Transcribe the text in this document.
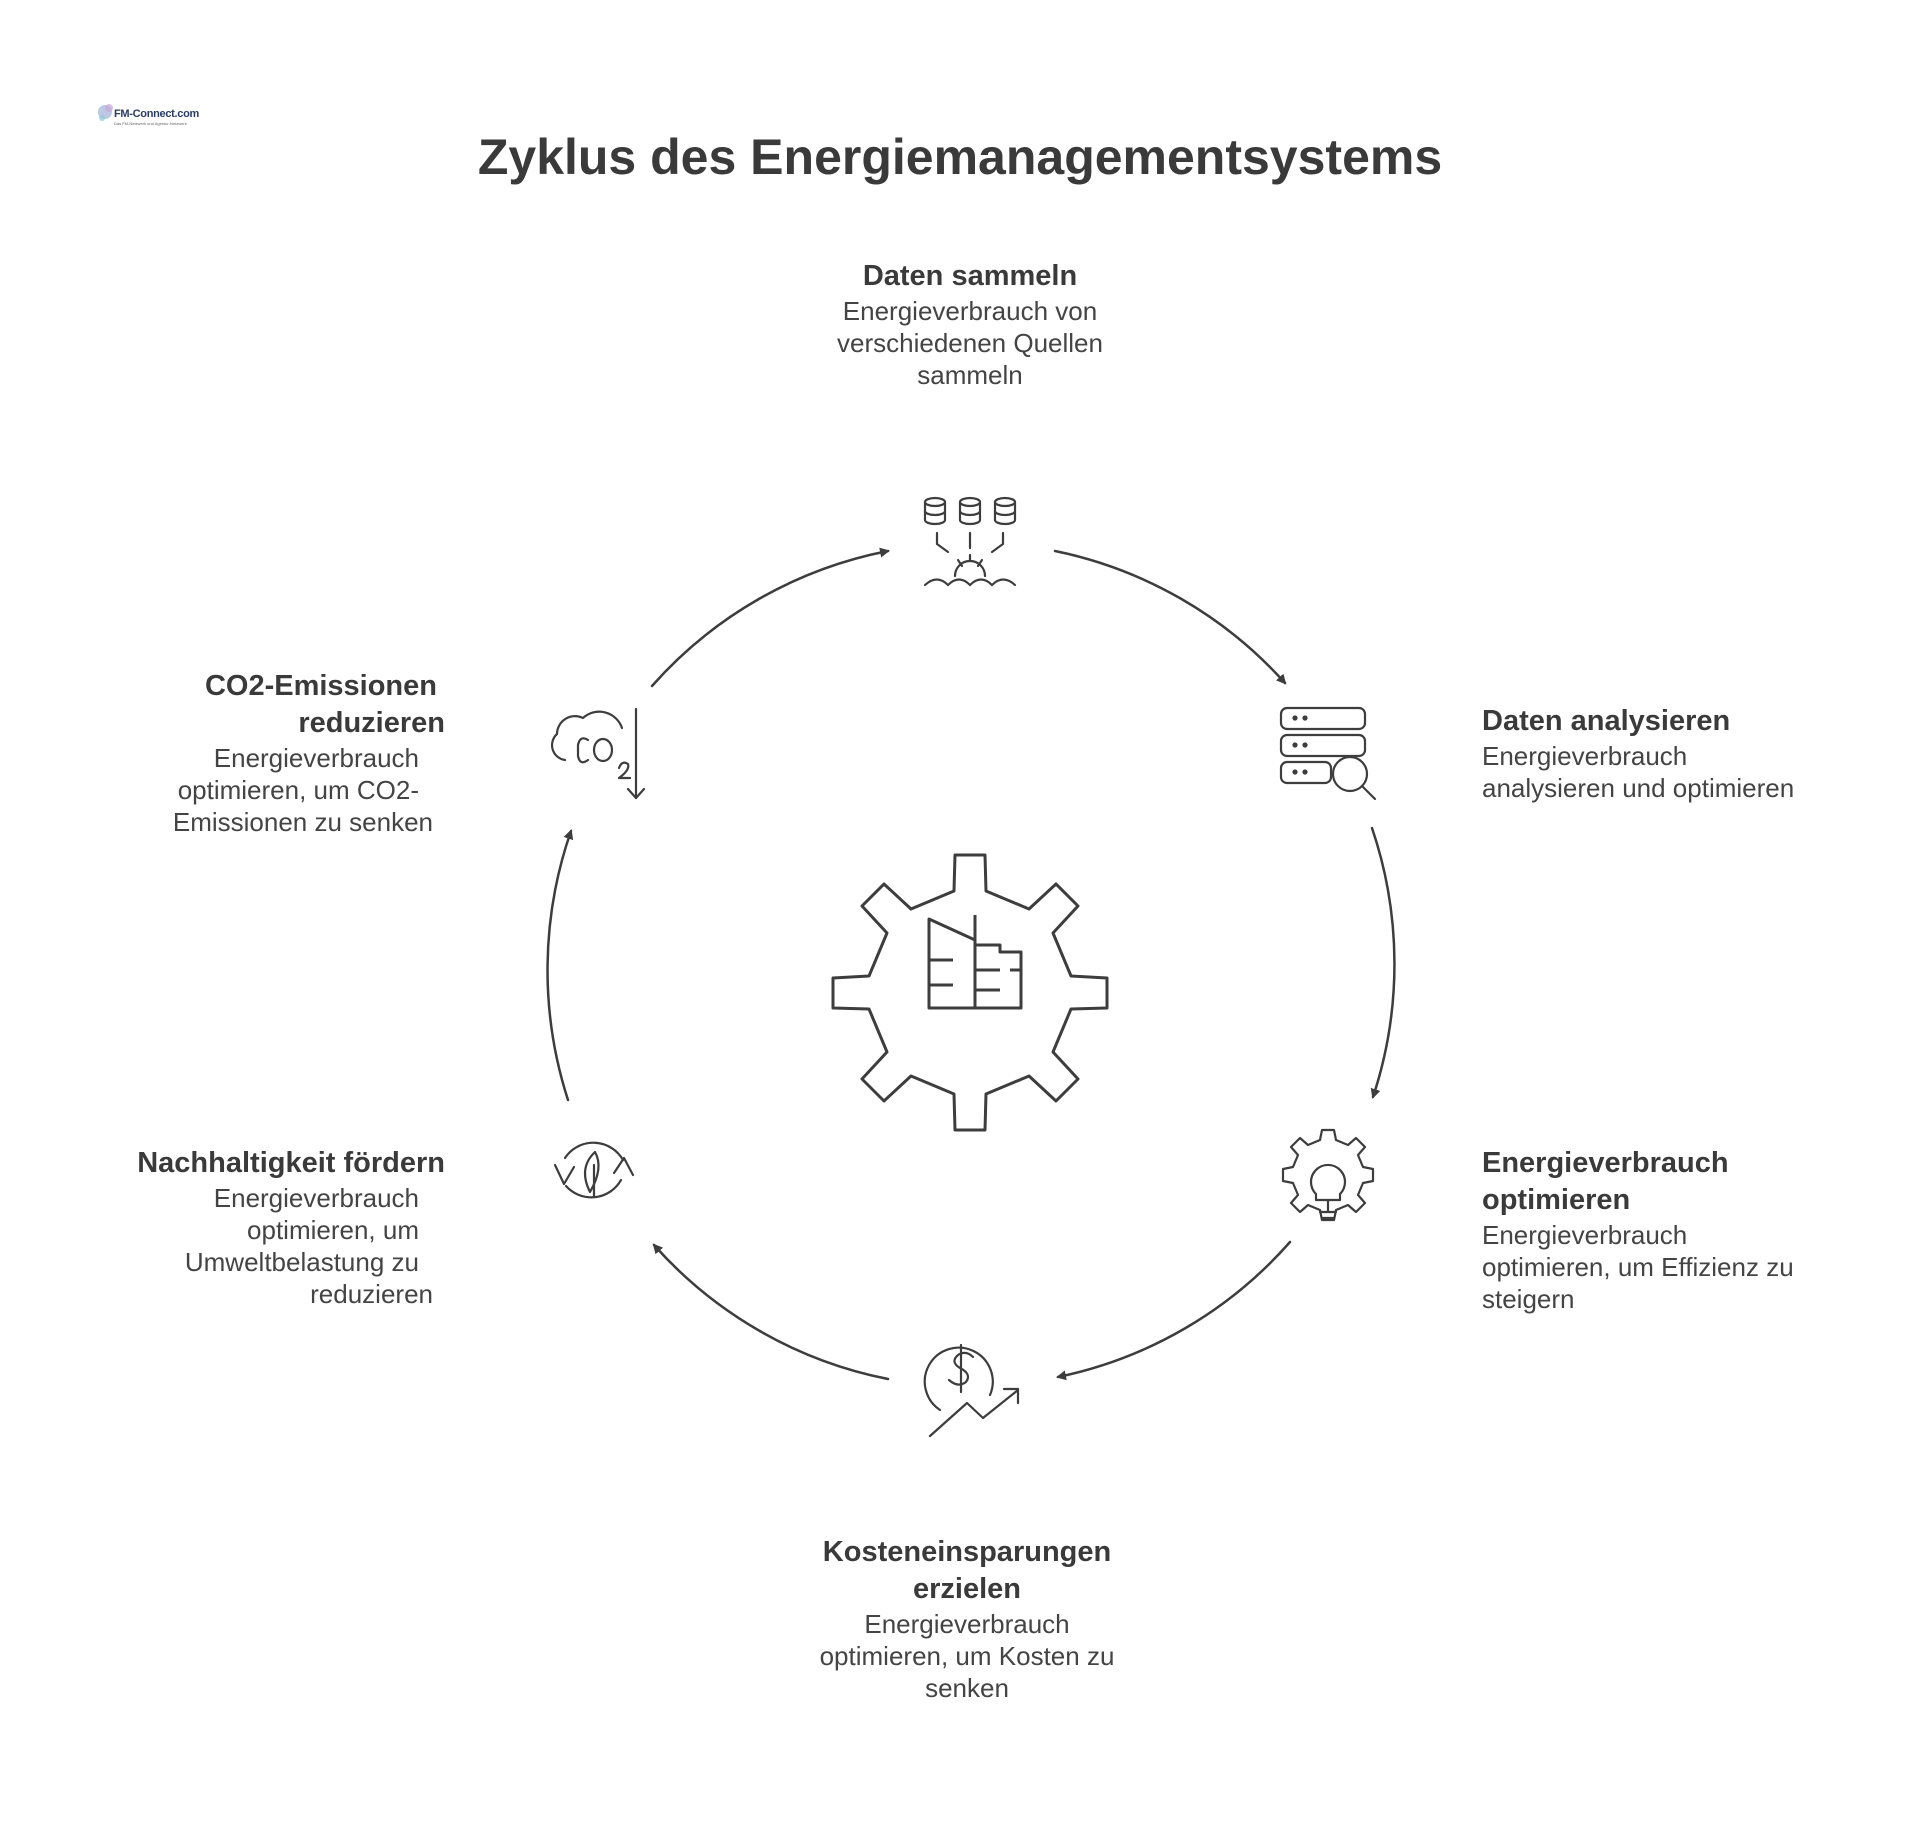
FM-Connect.com
Das FM-Netzwerk und Agentur-Netzwerk
Zyklus des Energiemanagementsystems
Daten sammeln
Energieverbrauch von
verschiedenen Quellen
sammeln
Daten analysieren
Energieverbrauch
analysieren und optimieren
Energieverbrauch
optimieren
Energieverbrauch
optimieren, um Effizienz zu
steigern
Kosteneinsparungen
erzielen
Energieverbrauch
optimieren, um Kosten zu
senken
Nachhaltigkeit fördern
Energieverbrauch
optimieren, um
Umweltbelastung zu
reduzieren
CO2-Emissionen
reduzieren
Energieverbrauch
optimieren, um CO2-
Emissionen zu senken
